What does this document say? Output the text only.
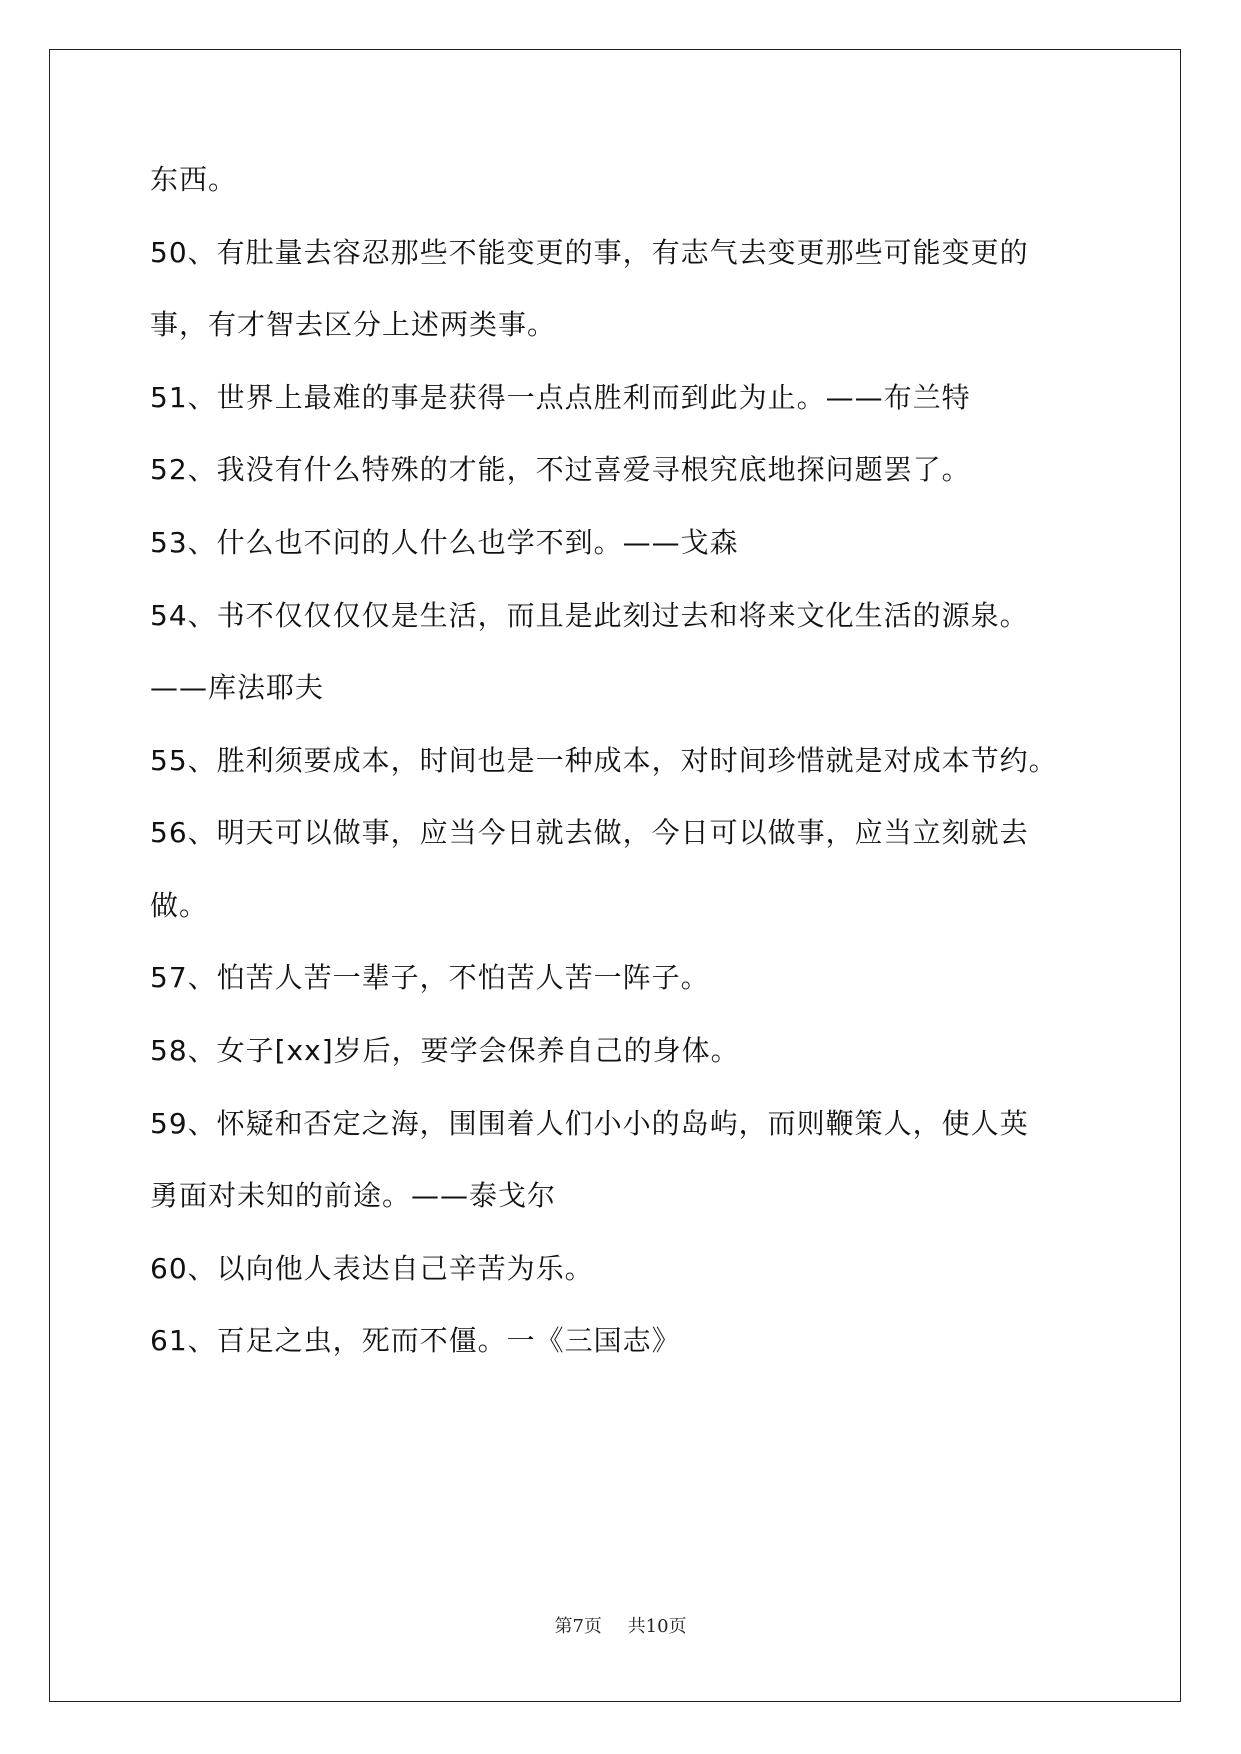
东西。
50、有肚量去容忍那些不能变更的事，有志气去变更那些可能变更的
事，有才智去区分上述两类事。
51、世界上最难的事是获得一点点胜利而到此为止。——布兰特
52、我没有什么特殊的才能，不过喜爱寻根究底地探问题罢了。
53、什么也不问的人什么也学不到。——戈森
54、书不仅仅仅仅是生活，而且是此刻过去和将来文化生活的源泉。
——库法耶夫
55、胜利须要成本，时间也是一种成本，对时间珍惜就是对成本节约。
56、明天可以做事，应当今日就去做，今日可以做事，应当立刻就去
做。
57、怕苦人苦一辈子，不怕苦人苦一阵子。
58、女子[xx]岁后，要学会保养自己的身体。
59、怀疑和否定之海，围围着人们小小的岛屿，而则鞭策人，使人英
勇面对未知的前途。——泰戈尔
60、以向他人表达自己辛苦为乐。
61、百足之虫，死而不僵。一《三国志》
第7页 共10页
